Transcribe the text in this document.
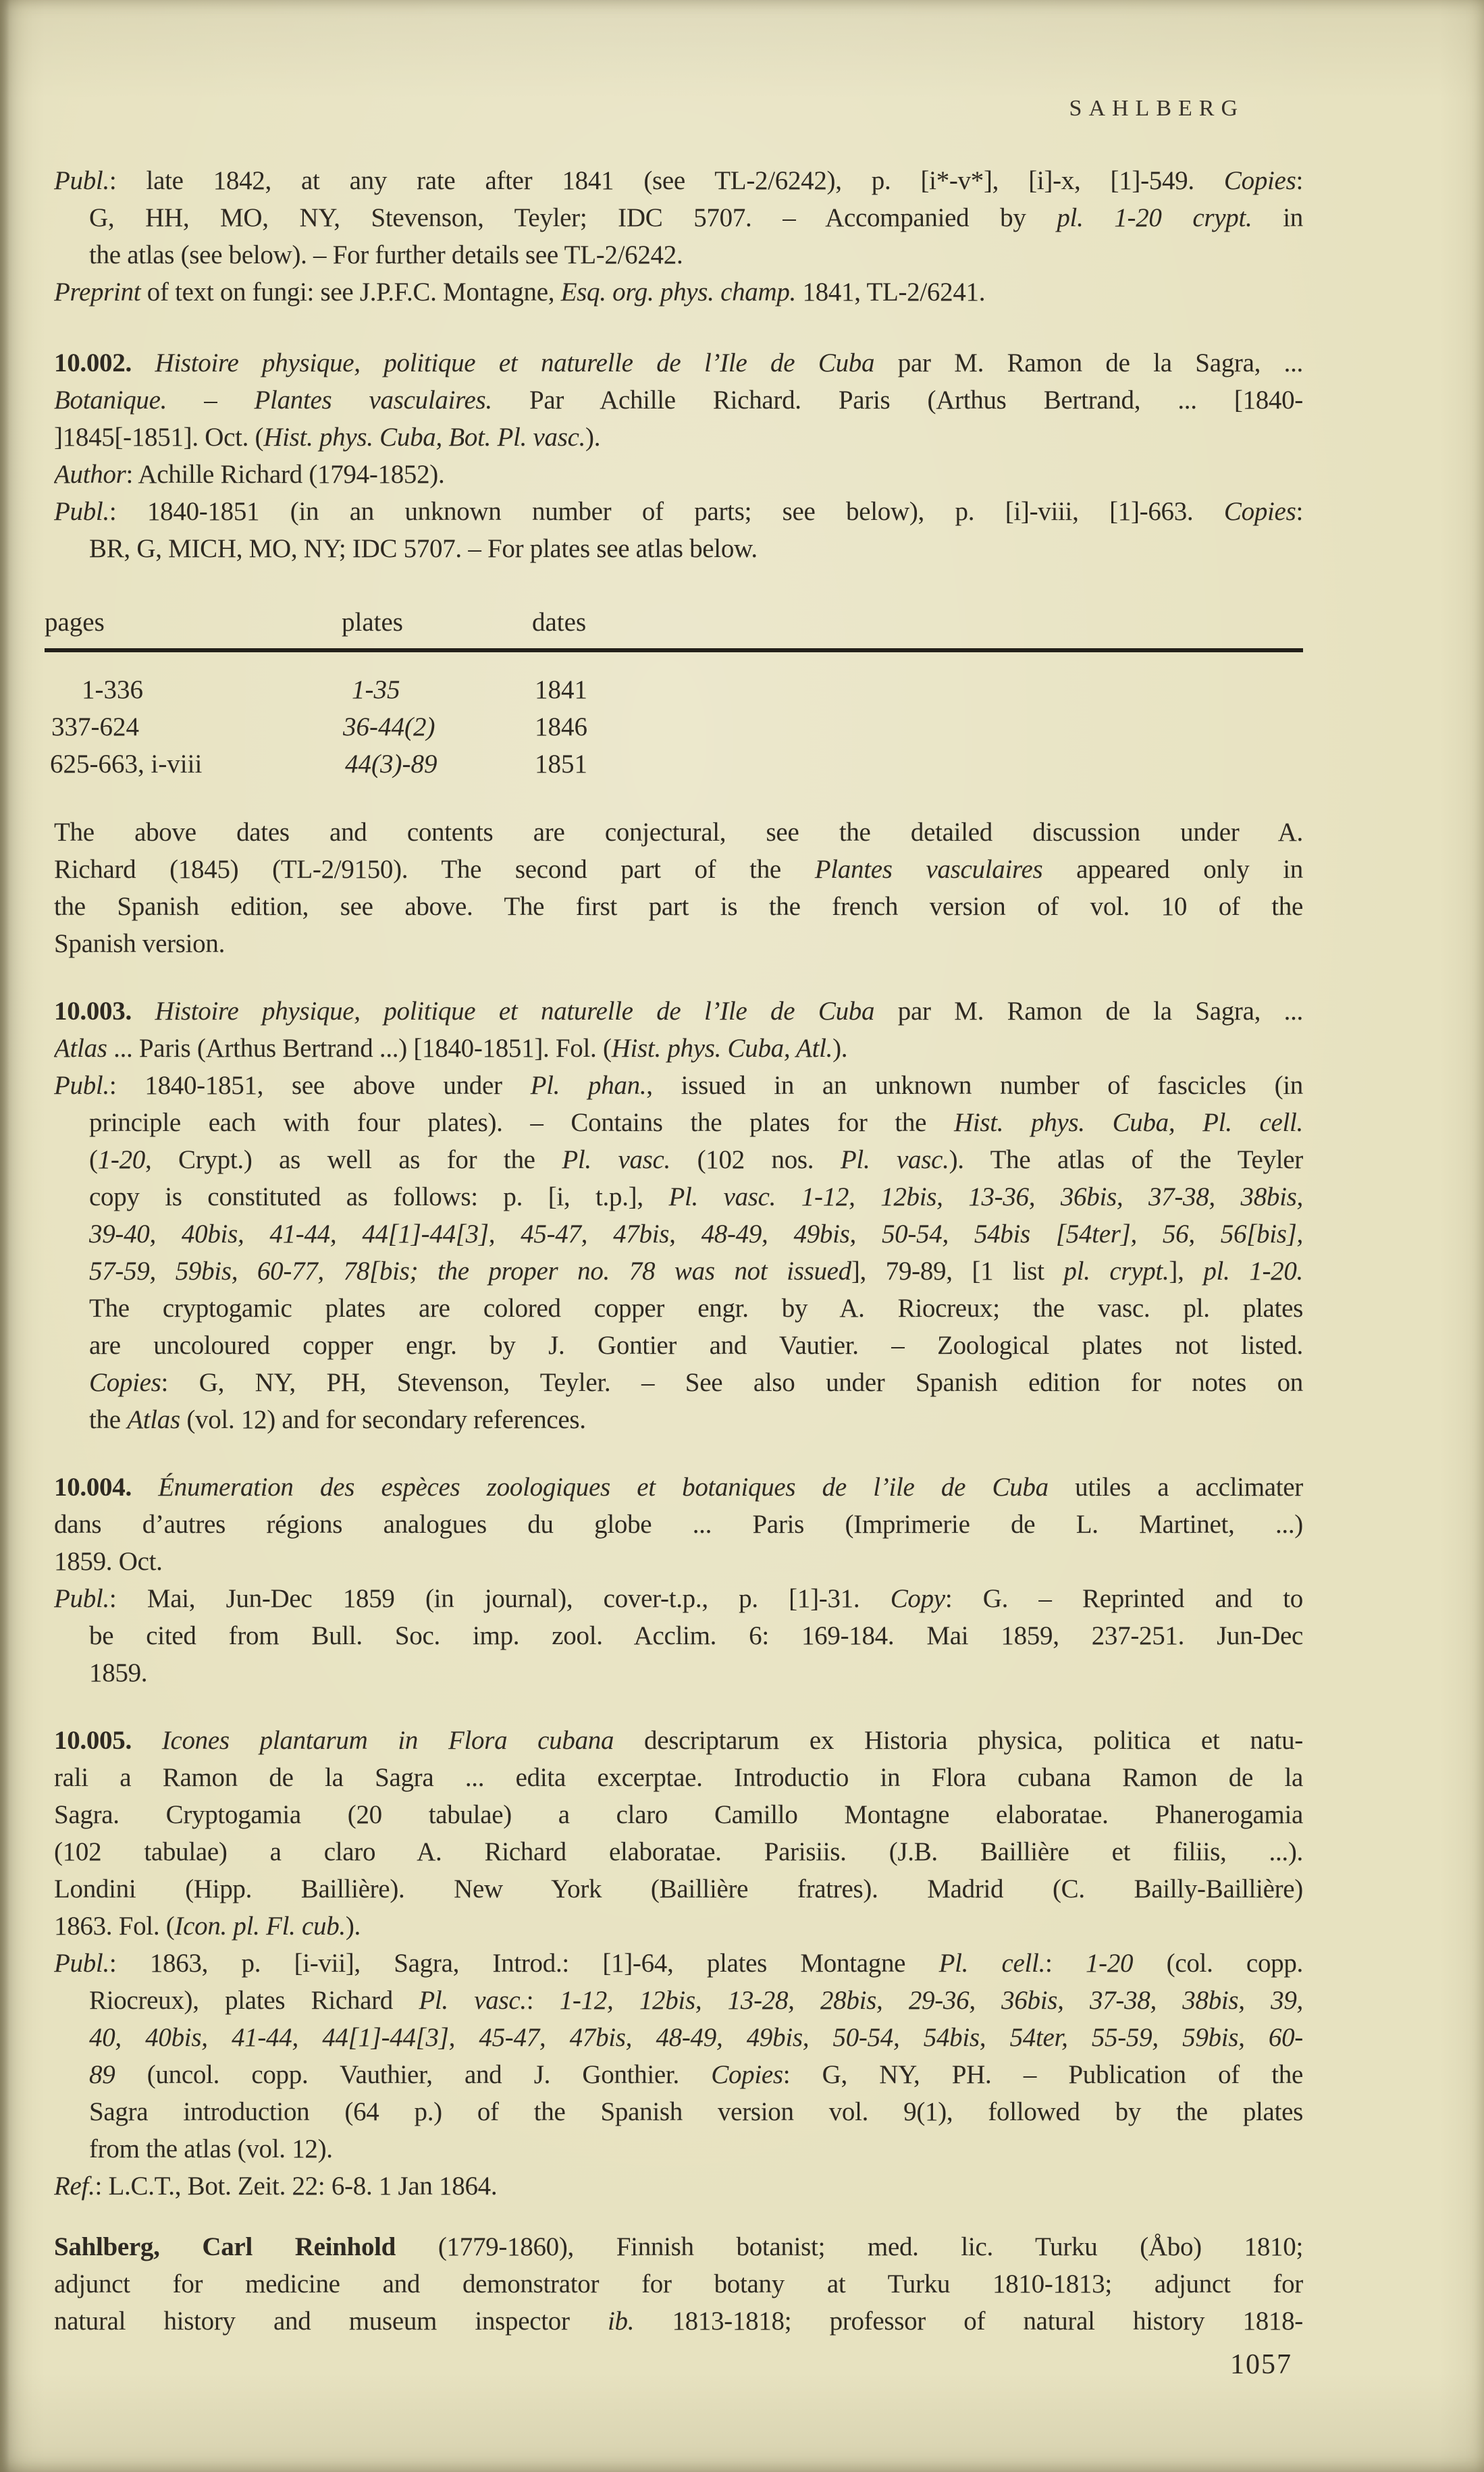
SAHLBERG
Publ.: late 1842, at any rate after 1841 (see TL-2/6242), p. [i*-v*], [i]-x, [1]-549. Copies:
G, HH, MO, NY, Stevenson, Teyler; IDC 5707. – Accompanied by pl. 1-20 crypt. in
the atlas (see below). – For further details see TL-2/6242.
Preprint of text on fungi: see J.P.F.C. Montagne, Esq. org. phys. champ. 1841, TL-2/6241.
10.002. Histoire physique, politique et naturelle de l’Ile de Cuba par M. Ramon de la Sagra, ...
Botanique. – Plantes vasculaires. Par Achille Richard. Paris (Arthus Bertrand, ... [1840-
]1845[-1851]. Oct. (Hist. phys. Cuba, Bot. Pl. vasc.).
Author: Achille Richard (1794-1852).
Publ.: 1840-1851 (in an unknown number of parts; see below), p. [i]-viii, [1]-663. Copies:
BR, G, MICH, MO, NY; IDC 5707. – For plates see atlas below.
pages	plates	dates
1-336	1-35	1841
337-624	36-44(2)	1846
625-663, i-viii	44(3)-89	1851
The above dates and contents are conjectural, see the detailed discussion under A.
Richard (1845) (TL-2/9150). The second part of the Plantes vasculaires appeared only in
the Spanish edition, see above. The first part is the french version of vol. 10 of the
Spanish version.
10.003. Histoire physique, politique et naturelle de l’Ile de Cuba par M. Ramon de la Sagra, ...
Atlas ... Paris (Arthus Bertrand ...) [1840-1851]. Fol. (Hist. phys. Cuba, Atl.).
Publ.: 1840-1851, see above under Pl. phan., issued in an unknown number of fascicles (in
principle each with four plates). – Contains the plates for the Hist. phys. Cuba, Pl. cell.
(1-20, Crypt.) as well as for the Pl. vasc. (102 nos. Pl. vasc.). The atlas of the Teyler
copy is constituted as follows: p. [i, t.p.], Pl. vasc. 1-12, 12bis, 13-36, 36bis, 37-38, 38bis,
39-40, 40bis, 41-44, 44[1]-44[3], 45-47, 47bis, 48-49, 49bis, 50-54, 54bis [54ter], 56, 56[bis],
57-59, 59bis, 60-77, 78[bis; the proper no. 78 was not issued], 79-89, [1 list pl. crypt.], pl. 1-20.
The cryptogamic plates are colored copper engr. by A. Riocreux; the vasc. pl. plates
are uncoloured copper engr. by J. Gontier and Vautier. – Zoological plates not listed.
Copies: G, NY, PH, Stevenson, Teyler. – See also under Spanish edition for notes on
the Atlas (vol. 12) and for secondary references.
10.004. Énumeration des espèces zoologiques et botaniques de l’ile de Cuba utiles a acclimater
dans d’autres régions analogues du globe ... Paris (Imprimerie de L. Martinet, ...)
1859. Oct.
Publ.: Mai, Jun-Dec 1859 (in journal), cover-t.p., p. [1]-31. Copy: G. – Reprinted and to
be cited from Bull. Soc. imp. zool. Acclim. 6: 169-184. Mai 1859, 237-251. Jun-Dec
1859.
10.005. Icones plantarum in Flora cubana descriptarum ex Historia physica, politica et natu-
rali a Ramon de la Sagra ... edita excerptae. Introductio in Flora cubana Ramon de la
Sagra. Cryptogamia (20 tabulae) a claro Camillo Montagne elaboratae. Phanerogamia
(102 tabulae) a claro A. Richard elaboratae. Parisiis. (J.B. Baillière et filiis, ...).
Londini (Hipp. Baillière). New York (Baillière fratres). Madrid (C. Bailly-Baillière)
1863. Fol. (Icon. pl. Fl. cub.).
Publ.: 1863, p. [i-vii], Sagra, Introd.: [1]-64, plates Montagne Pl. cell.: 1-20 (col. copp.
Riocreux), plates Richard Pl. vasc.: 1-12, 12bis, 13-28, 28bis, 29-36, 36bis, 37-38, 38bis, 39,
40, 40bis, 41-44, 44[1]-44[3], 45-47, 47bis, 48-49, 49bis, 50-54, 54bis, 54ter, 55-59, 59bis, 60-
89 (uncol. copp. Vauthier, and J. Gonthier. Copies: G, NY, PH. – Publication of the
Sagra introduction (64 p.) of the Spanish version vol. 9(1), followed by the plates
from the atlas (vol. 12).
Ref.: L.C.T., Bot. Zeit. 22: 6-8. 1 Jan 1864.
Sahlberg, Carl Reinhold (1779-1860), Finnish botanist; med. lic. Turku (Åbo) 1810;
adjunct for medicine and demonstrator for botany at Turku 1810-1813; adjunct for
natural history and museum inspector ib. 1813-1818; professor of natural history 1818-
1057
